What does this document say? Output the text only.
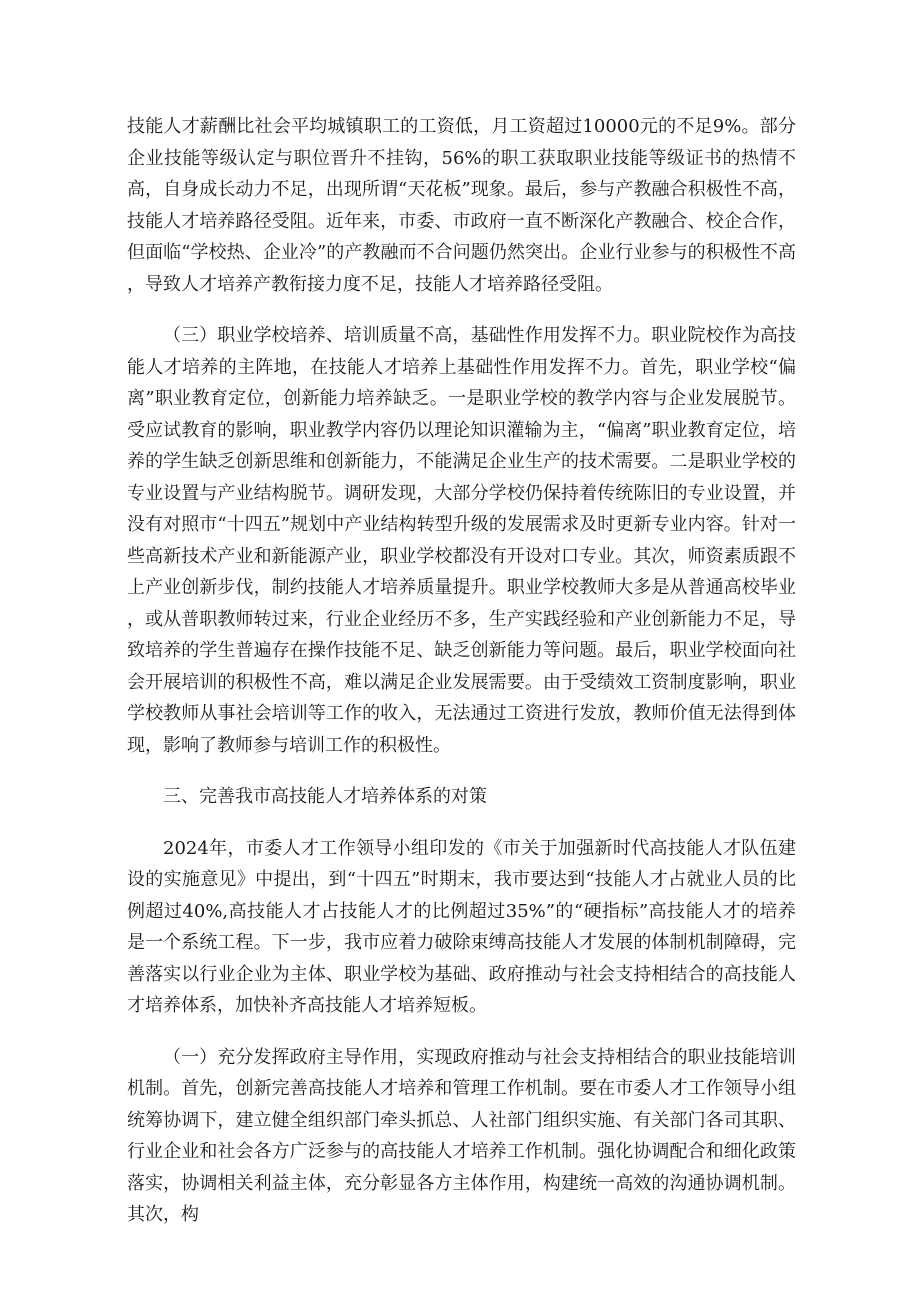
技能人才薪酬比社会平均城镇职工的工资低，月工资超过10000元的不足9%。部分企业技能等级认定与职位晋升不挂钩，56%的职工获取职业技能等级证书的热情不高，自身成长动力不足，出现所谓“天花板”现象。最后，参与产教融合积极性不高，技能人才培养路径受阻。近年来，市委、市政府一直不断深化产教融合、校企合作，但面临“学校热、企业冷”的产教融而不合问题仍然突出。企业行业参与的积极性不高，导致人才培养产教衔接力度不足，技能人才培养路径受阻。

（三）职业学校培养、培训质量不高，基础性作用发挥不力。职业院校作为高技能人才培养的主阵地，在技能人才培养上基础性作用发挥不力。首先，职业学校“偏离”职业教育定位，创新能力培养缺乏。一是职业学校的教学内容与企业发展脱节。受应试教育的影响，职业教学内容仍以理论知识灌输为主，“偏离”职业教育定位，培养的学生缺乏创新思维和创新能力，不能满足企业生产的技术需要。二是职业学校的专业设置与产业结构脱节。调研发现，大部分学校仍保持着传统陈旧的专业设置，并没有对照市“十四五”规划中产业结构转型升级的发展需求及时更新专业内容。针对一些高新技术产业和新能源产业，职业学校都没有开设对口专业。其次，师资素质跟不上产业创新步伐，制约技能人才培养质量提升。职业学校教师大多是从普通高校毕业，或从普职教师转过来，行业企业经历不多，生产实践经验和产业创新能力不足，导致培养的学生普遍存在操作技能不足、缺乏创新能力等问题。最后，职业学校面向社会开展培训的积极性不高，难以满足企业发展需要。由于受绩效工资制度影响，职业学校教师从事社会培训等工作的收入，无法通过工资进行发放，教师价值无法得到体现，影响了教师参与培训工作的积极性。

三、完善我市高技能人才培养体系的对策

2024年，市委人才工作领导小组印发的《市关于加强新时代高技能人才队伍建设的实施意见》中提出，到“十四五”时期末，我市要达到“技能人才占就业人员的比例超过40%,高技能人才占技能人才的比例超过35%”的“硬指标”高技能人才的培养是一个系统工程。下一步，我市应着力破除束缚高技能人才发展的体制机制障碍，完善落实以行业企业为主体、职业学校为基础、政府推动与社会支持相结合的高技能人才培养体系，加快补齐高技能人才培养短板。

（一）充分发挥政府主导作用，实现政府推动与社会支持相结合的职业技能培训机制。首先，创新完善高技能人才培养和管理工作机制。要在市委人才工作领导小组统筹协调下，建立健全组织部门牵头抓总、人社部门组织实施、有关部门各司其职、行业企业和社会各方广泛参与的高技能人才培养工作机制。强化协调配合和细化政策落实，协调相关利益主体，充分彰显各方主体作用，构建统一高效的沟通协调机制。其次，构
